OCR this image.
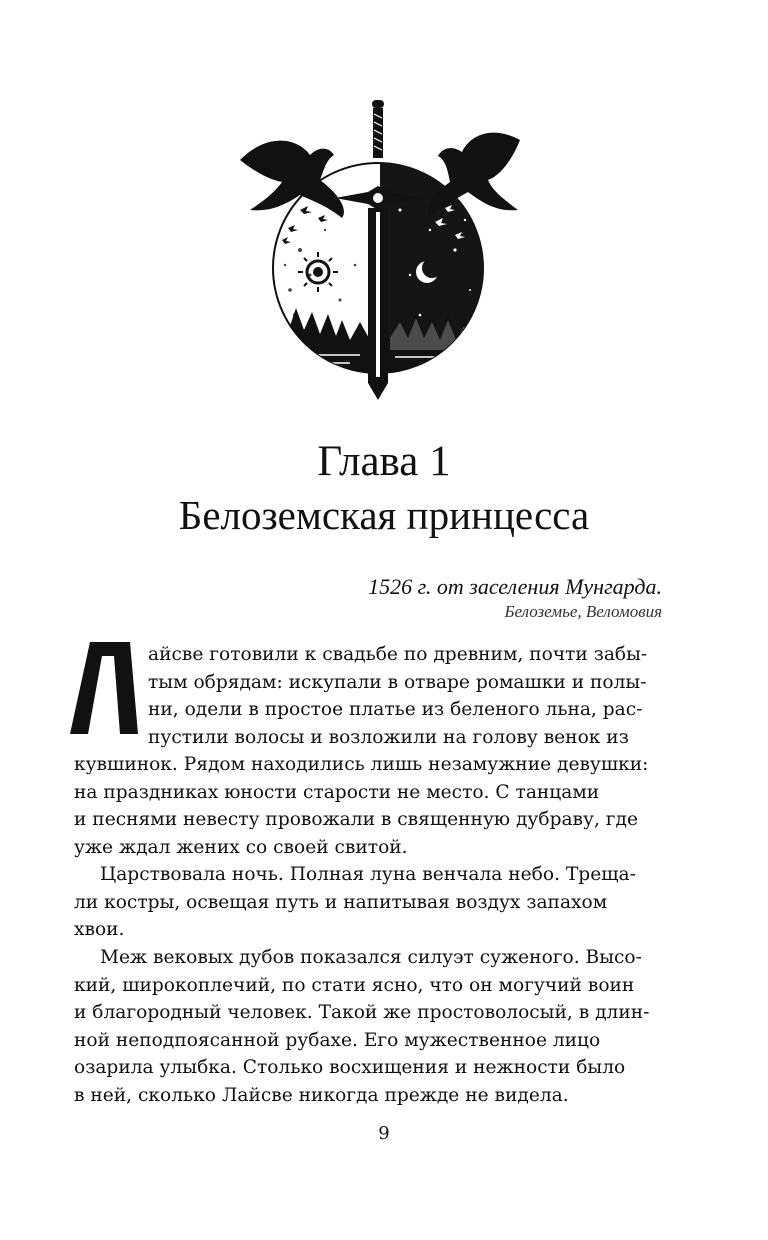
Глава 1
Белоземская принцесса
1526 г. от заселения Мунгарда.
Белоземье, Веломовия
айсве готовили к свадьбе по древним, почти забы-
тым обрядам: искупали в отваре ромашки и полы-
ни, одели в простое платье из беленого льна, рас-
пустили волосы и возложили на голову венок из
кувшинок. Рядом находились лишь незамужние девушки:
на праздниках юности старости не место. С танцами
и песнями невесту провожали в священную дубраву, где
уже ждал жених со своей свитой.
Царствовала ночь. Полная луна венчала небо. Треща-
ли костры, освещая путь и напитывая воздух запахом
хвои.
Меж вековых дубов показался силуэт суженого. Высо-
кий, широкоплечий, по стати ясно, что он могучий воин
и благородный человек. Такой же простоволосый, в длин-
ной неподпоясанной рубахе. Его мужественное лицо
озарила улыбка. Столько восхищения и нежности было
в ней, сколько Лайсве никогда прежде не видела.
9
